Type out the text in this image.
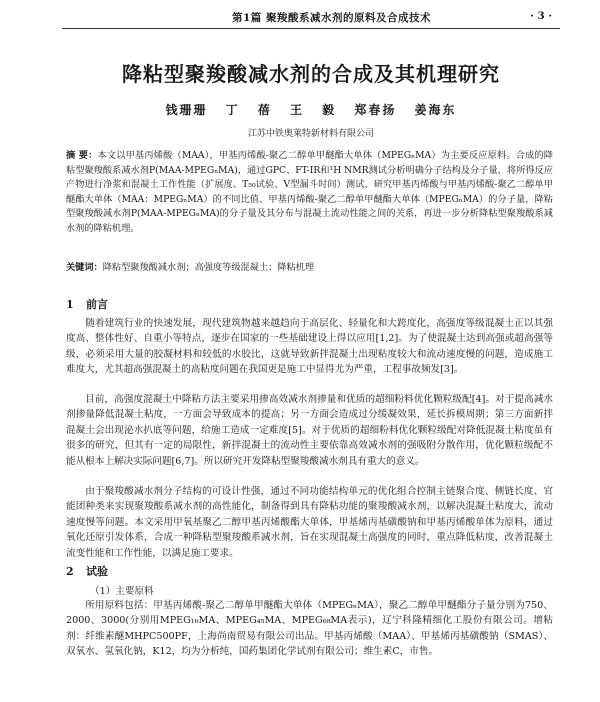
第1篇 聚羧酸系减水剂的原料及合成技术	· 3 ·
降粘型聚羧酸减水剂的合成及其机理研究
钱珊珊 丁 蓓 王 毅 郑春扬 姜海东
江苏中铁奥莱特新材料有限公司
摘 要：本文以甲基丙烯酸（MAA），甲基丙烯酸-聚乙二醇单甲醚酯大单体（MPEGₙMA）为主要反应原料。合成的降粘型聚羧酸系减水剂P(MAA-MPEGₙMA)，通过GPC、FT-IR和¹H NMR测试分析明确分子结构及分子量，将所得反应产物进行净浆和混凝土工作性能（扩展度、T₅₀试验、V型漏斗时间）测试，研究甲基丙烯酸与甲基丙烯酸-聚乙二醇单甲醚酯大单体（MAA：MPEGₙMA）的不同比值、甲基丙烯酸-聚乙二醇单甲醚酯大单体（MPEGₙMA）的分子量，降粘型聚羧酸减水剂P(MAA-MPEGₙMA)的分子量及其分布与混凝土流动性能之间的关系，再进一步分析降粘型聚羧酸系减水剂的降粘机理。
关键词：降粘型聚羧酸减水剂；高强度等级混凝土；降粘机理
1 前言
随着建筑行业的快速发展，现代建筑物越来越趋向于高层化、轻量化和大跨度化，高强度等级混凝土正以其强度高、整体性好、自重小等特点，逐步在国家的一些基础建设上得以应用[1,2]。为了使混凝土达到高强或超高强等级，必须采用大量的胶凝材料和较低的水胶比，这就导致新拌混凝土出现粘度较大和流动速度慢的问题，造成施工难度大，尤其超高强混凝土的高粘度问题在我国更是施工中显得尤为严重，工程事故频发[3]。
目前，高强度混凝土中降粘方法主要采用掺高效减水剂掺量和优质的超细粉料优化颗粒级配[4]。对于提高减水剂掺量降低混凝土粘度，一方面会导致成本的提高；另一方面会造成过分缓凝效果，延长拆模周期；第三方面新拌混凝土会出现泌水扒底等问题，给施工造成一定难度[5]。对于优质的超细粉料优化颗粒级配对降低混凝土粘度虽有很多的研究，但其有一定的局限性，新拌混凝土的流动性主要依靠高效减水剂的强吸附分散作用，优化颗粒级配不能从根本上解决实际问题[6,7]。所以研究开发降粘型聚羧酸减水剂具有重大的意义。
由于聚羧酸减水剂分子结构的可设计性强，通过不同功能结构单元的优化组合控制主链聚合度、侧链长度、官能团种类来实现聚羧酸系减水剂的高性能化，制备得到具有降粘功能的聚羧酸减水剂，以解决混凝土粘度大，流动速度慢等问题。本文采用甲氧基聚乙二醇甲基丙烯酸酯大单体，甲基烯丙基磺酸钠和甲基丙烯酸单体为原料，通过氧化还原引发体系，合成一种降粘型聚羧酸系减水剂，旨在实现混凝土高强度的同时，重点降低粘度，改善混凝土流变性能和工作性能，以满足施工要求。
2 试验
（1）主要原料
所用原料包括：甲基丙烯酸-聚乙二醇单甲醚酯大单体（MPEGₙMA），聚乙二醇单甲醚酯分子量分别为750、2000、3000(分别用MPEG₁₆MA、MPEG₄₅MA、MPEG₆₈MA表示)，辽宁科隆精细化工股份有限公司。增粘剂：纤维素醚MHPC500PF，上海尚南贸易有限公司出品。甲基丙烯酸（MAA）、甲基烯丙基磺酸钠（SMAS）、双氧水、氢氧化钠，K12，均为分析纯，国药集团化学试剂有限公司；维生素C，市售。
